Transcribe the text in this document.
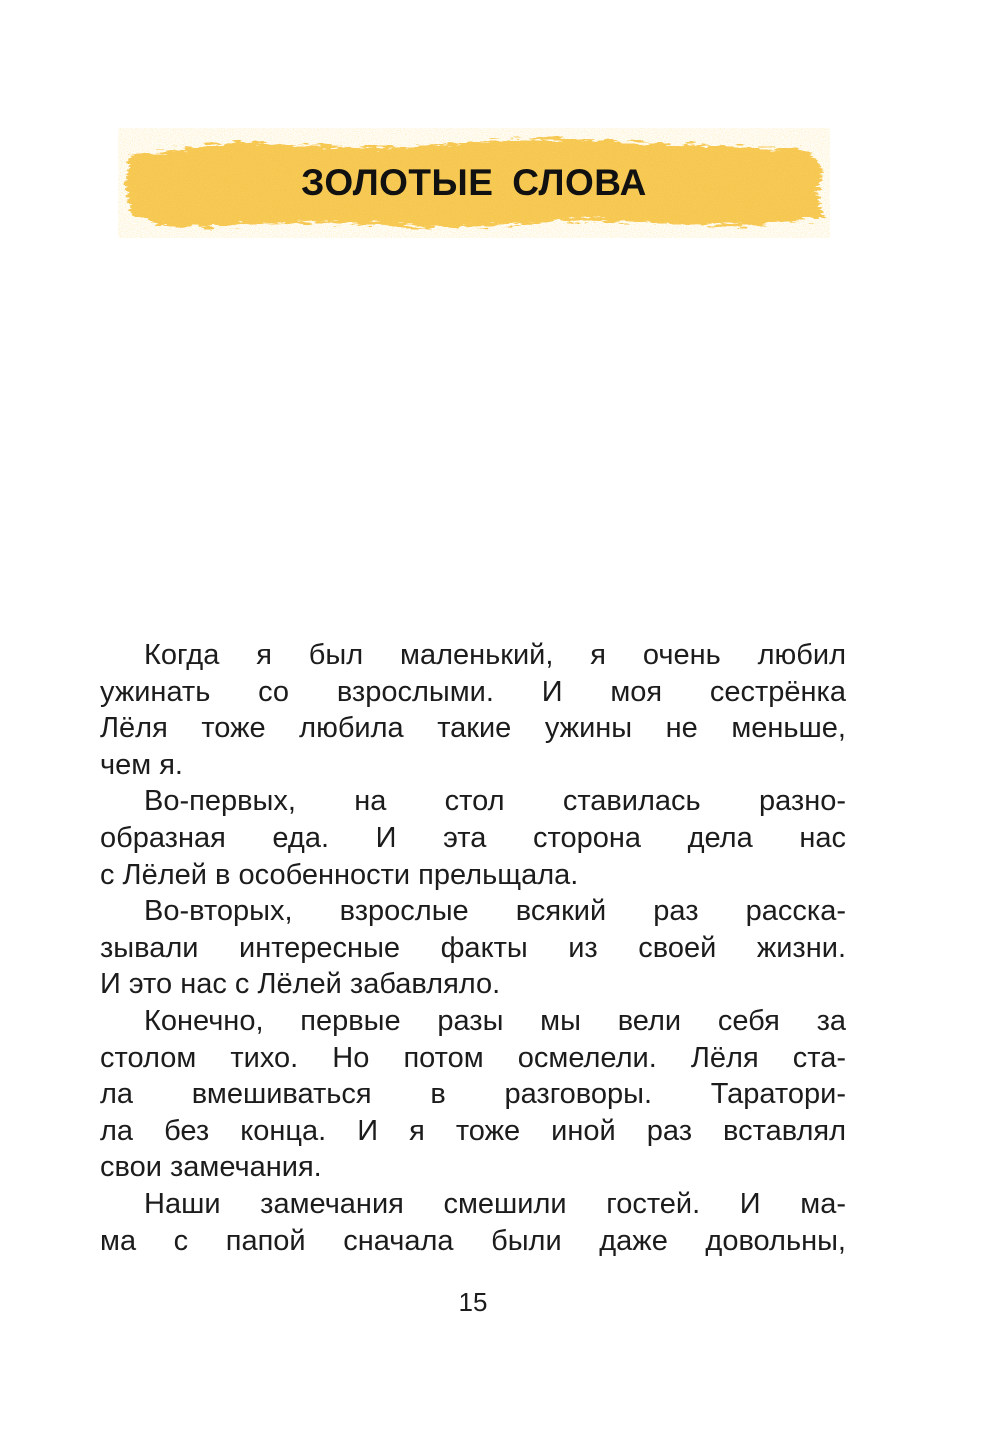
ЗОЛОТЫЕ СЛОВА
Когда я был маленький, я очень любил
ужинать со взрослыми. И моя сестрёнка
Лёля тоже любила такие ужины не меньше,
чем я.
Во-первых, на стол ставилась разно-
образная еда. И эта сторона дела нас
с Лёлей в особенности прельщала.
Во-вторых, взрослые всякий раз расска-
зывали интересные факты из своей жизни.
И это нас с Лёлей забавляло.
Конечно, первые разы мы вели себя за
столом тихо. Но потом осмелели. Лёля ста-
ла вмешиваться в разговоры. Таратори-
ла без конца. И я тоже иной раз вставлял
свои замечания.
Наши замечания смешили гостей. И ма-
ма с папой сначала были даже довольны,
15
